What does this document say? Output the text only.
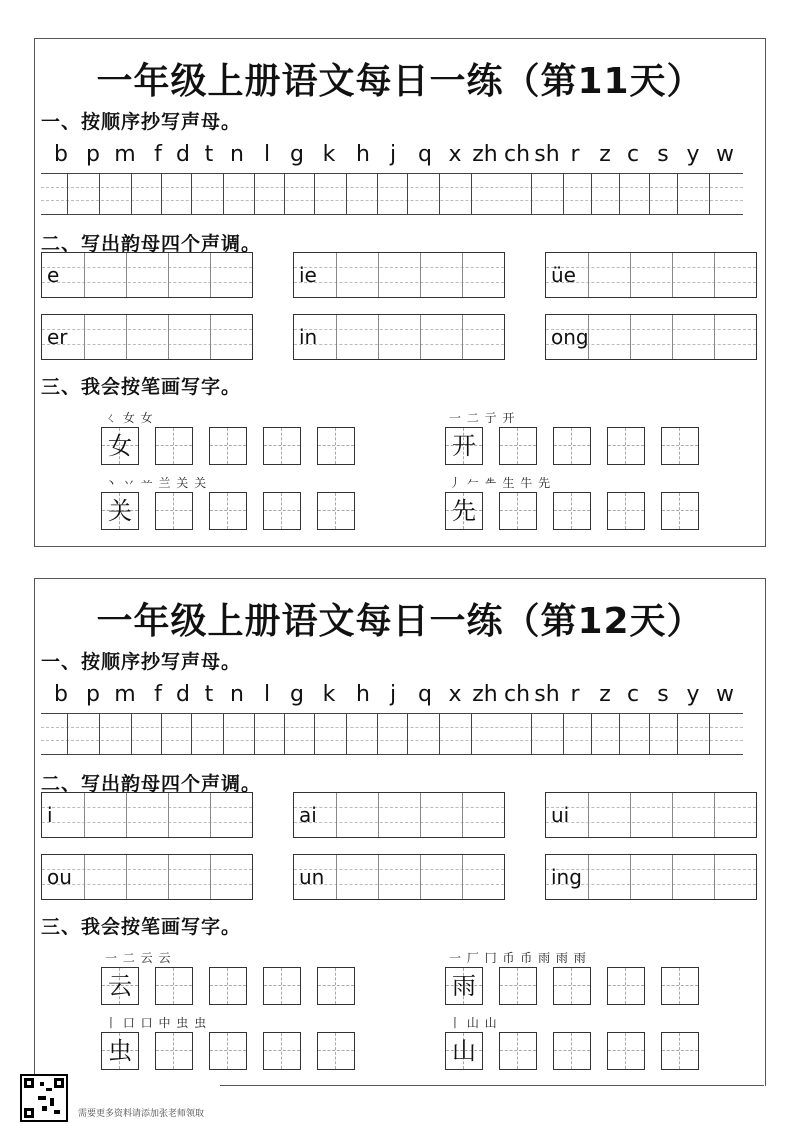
一年级上册语文每日一练（第11天）
一、按顺序抄写声母。
b p m f d t n l g k h j q x zh ch sh r z c s y w
二、写出韵母四个声调。
e	ie	üe
er	in	ong
三、我会按笔画写字。
ㄑ 女 女
女
一 二 亍 开
开
丶 丷 䒑 兰 关 关
关
丿 𠂉 𠂒 生 牛 先
先
一年级上册语文每日一练（第12天）
一、按顺序抄写声母。
b p m f d t n l g k h j q x zh ch sh r z c s y w
二、写出韵母四个声调。
i	ai	ui
ou	un	ing
三、我会按笔画写字。
一 二 云 云
云
一 厂 冂 币 币 雨 雨 雨
雨
丨 口 口 中 虫 虫
虫
丨 山 山
山
需要更多资料请添加张老师领取
